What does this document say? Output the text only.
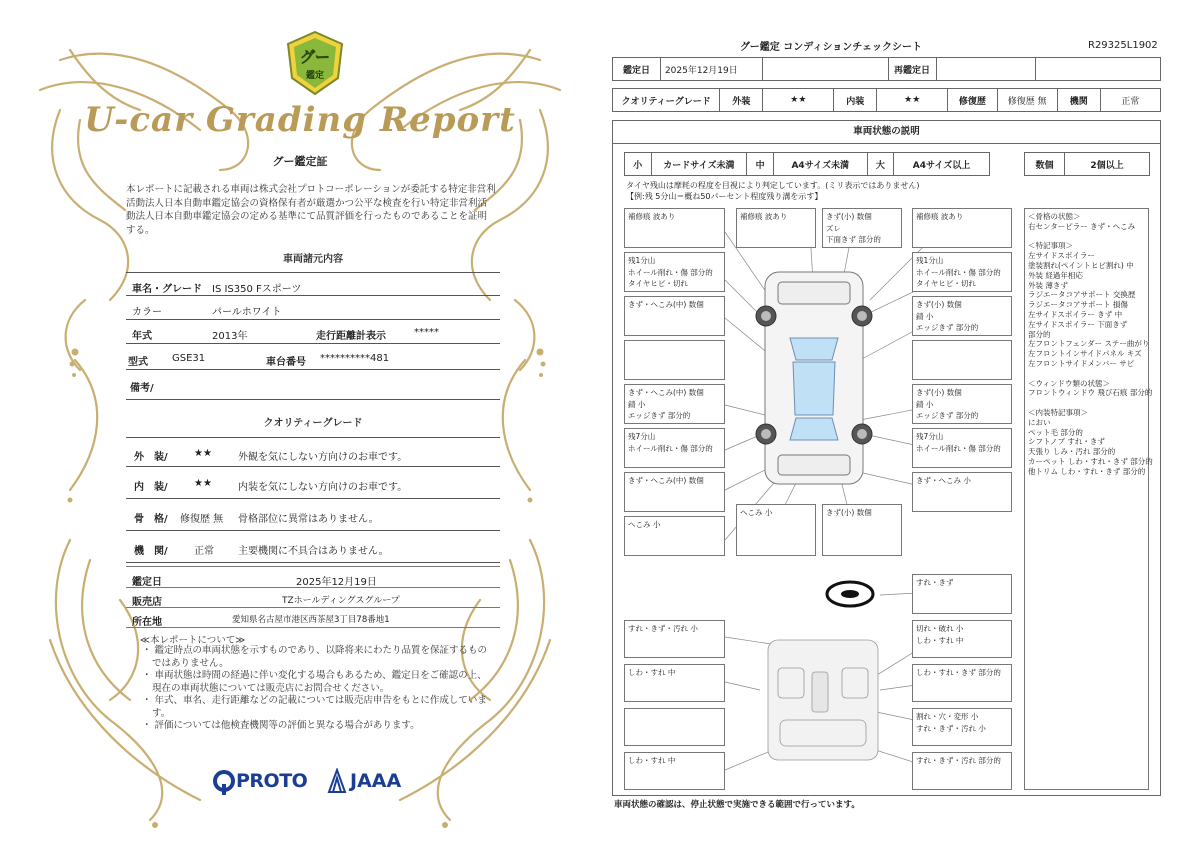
グー
鑑定
U-car Grading Report
グー鑑定証
本レポートに記載される車両は株式会社プロトコーポレーションが委託する特定非営利活動法人日本自動車鑑定協会の資格保有者が厳選かつ公平な検査を行い特定非営利活動法人日本自動車鑑定協会の定める基準にて品質評価を行ったものであることを証明する。
車両諸元内容
車名・グレード IS IS350 Fスポーツ
カラー	パールホワイト
年式	2013年	走行距離計表示	*****
型式 GSE31	車台番号 **********481
備考/
クオリティーグレード
外　装/	★★	外観を気にしない方向けのお車です。
内　装/	★★	内装を気にしない方向けのお車です。
骨　格/ 修復歴 無 骨格部位に異常はありません。
機　関/	正常 主要機関に不具合はありません。
鑑定日	2025年12月19日
販売店	TZホールディングスグループ
所在地	愛知県名古屋市港区西茶屋3丁目78番地1
≪本レポートについて≫
・ 鑑定時点の車両状態を示すものであり、以降将来にわたり品質を保証するものではありません。
・ 車両状態は時間の経過に伴い変化する場合もあるため、鑑定日をご確認の上、現在の車両状態については販売店にお問合せください。
・ 年式、車名、走行距離などの記載については販売店申告をもとに作成しています。
・ 評価については他検査機関等の評価と異なる場合があります。
PROTO JAAA
グー鑑定 コンディションチェックシート	R29325L1902
鑑定日	2025年12月19日		再鑑定日		
クオリティーグレード	外装	★★	内装	★★	修復歴	修復歴 無	機関	正常
車両状態の説明
小	カードサイズ未満	中	A4サイズ未満	大	A4サイズ以上	数個	2個以上
タイヤ残山は摩耗の程度を目視により判定しています。(ミリ表示ではありません)
【例:残 5分山＝概ね50パーセント程度残り溝を示す】
補修痕 波あり	補修痕 波あり	きず(小) 数個
ズレ
下面きず 部分的
補修痕 波あり
残1分山
ホイール削れ・傷 部分的
タイヤヒビ・切れ
残1分山
ホイール削れ・傷 部分的
タイヤヒビ・切れ
きず・へこみ(中) 数個	きず(小) 数個
錆 小
エッジきず 部分的
きず・へこみ(中) 数個
錆 小
エッジきず 部分的
きず(小) 数個
錆 小
エッジきず 部分的
残7分山
ホイール削れ・傷 部分的
残7分山
ホイール削れ・傷 部分的
きず・へこみ(中) 数個	きず・へこみ 小
へこみ 小
へこみ 小	きず(小) 数個
すれ・きず
すれ・きず・汚れ 小	切れ・破れ 小
しわ・すれ 中
しわ・すれ 中	しわ・すれ・きず 部分的
割れ・穴・変形 小
すれ・きず・汚れ 小
しわ・すれ 中	すれ・きず・汚れ 部分的
＜骨格の状態＞
右センターピラー きず・へこみ

＜特記事項＞
左サイドスポイラー
塗装割れ(ペイントヒビ割れ) 中
外装 経過年相応
外装 薄きず
ラジエータコアサポート 交換歴
ラジエータコアサポート 損傷
左サイドスポイラー きず 中
左サイドスポイラー 下面きず
部分的
左フロントフェンダー ステー曲がり
左フロントインサイドパネル キズ
左フロントサイドメンバー サビ

＜ウィンドウ類の状態＞
フロントウィンドウ 飛び石痕 部分的

＜内装特記事項＞
におい
ペット毛 部分的
シフトノブ すれ・きず
天張り しみ・汚れ 部分的
カーペット しわ・すれ・きず 部分的
他トリム しわ・すれ・きず 部分的
車両状態の確認は、停止状態で実施できる範囲で行っています。
